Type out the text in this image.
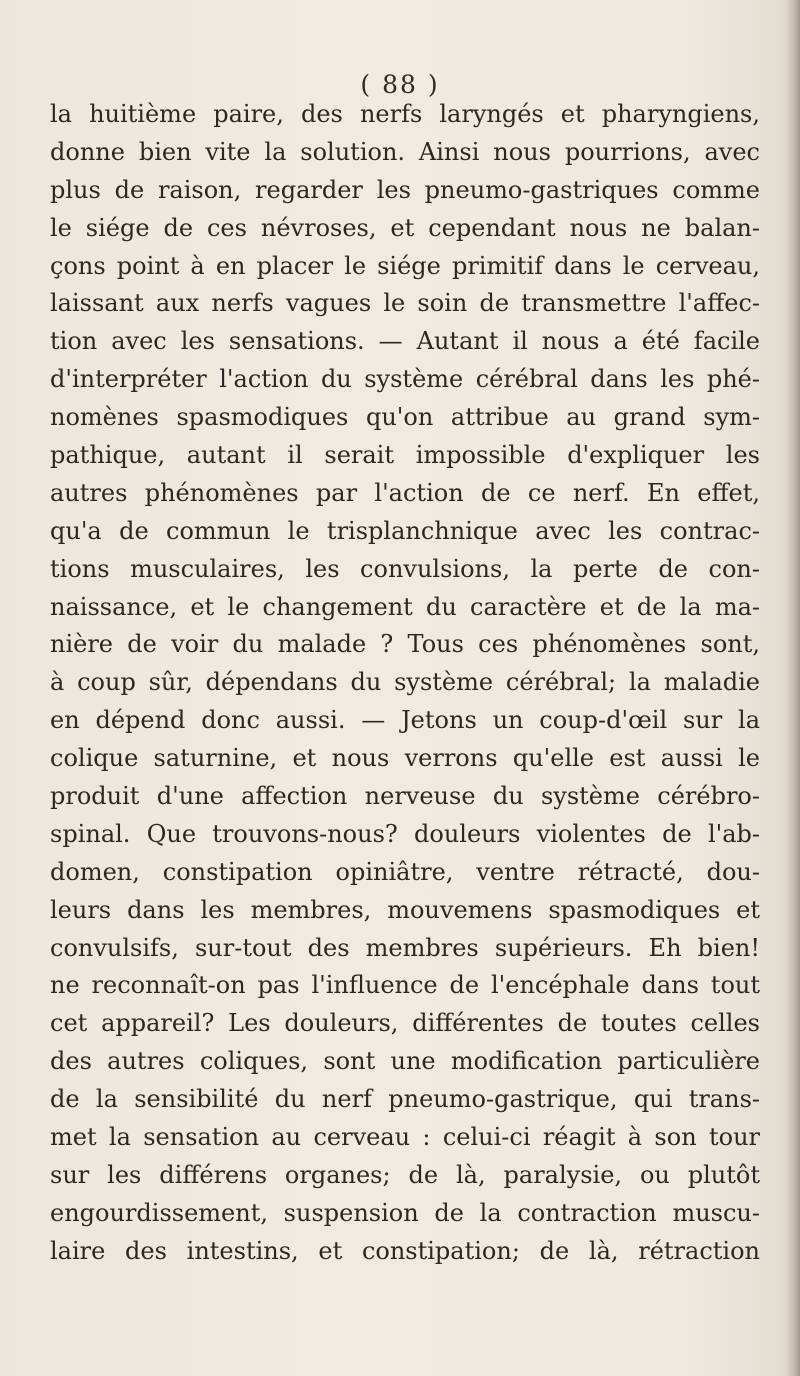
( 88 )
la huitième paire, des nerfs laryngés et pharyngiens,
donne bien vite la solution. Ainsi nous pourrions, avec
plus de raison, regarder les pneumo-gastriques comme
le siége de ces névroses, et cependant nous ne balan-
çons point à en placer le siége primitif dans le cerveau,
laissant aux nerfs vagues le soin de transmettre l'affec-
tion avec les sensations. — Autant il nous a été facile
d'interpréter l'action du système cérébral dans les phé-
nomènes spasmodiques qu'on attribue au grand sym-
pathique, autant il serait impossible d'expliquer les
autres phénomènes par l'action de ce nerf. En effet,
qu'a de commun le trisplanchnique avec les contrac-
tions musculaires, les convulsions, la perte de con-
naissance, et le changement du caractère et de la ma-
nière de voir du malade ? Tous ces phénomènes sont,
à coup sûr, dépendans du système cérébral; la maladie
en dépend donc aussi. — Jetons un coup-d'œil sur la
colique saturnine, et nous verrons qu'elle est aussi le
produit d'une affection nerveuse du système cérébro-
spinal. Que trouvons-nous? douleurs violentes de l'ab-
domen, constipation opiniâtre, ventre rétracté, dou-
leurs dans les membres, mouvemens spasmodiques et
convulsifs, sur-tout des membres supérieurs. Eh bien!
ne reconnaît-on pas l'influence de l'encéphale dans tout
cet appareil? Les douleurs, différentes de toutes celles
des autres coliques, sont une modification particulière
de la sensibilité du nerf pneumo-gastrique, qui trans-
met la sensation au cerveau : celui-ci réagit à son tour
sur les différens organes; de là, paralysie, ou plutôt
engourdissement, suspension de la contraction muscu-
laire des intestins, et constipation; de là, rétraction
